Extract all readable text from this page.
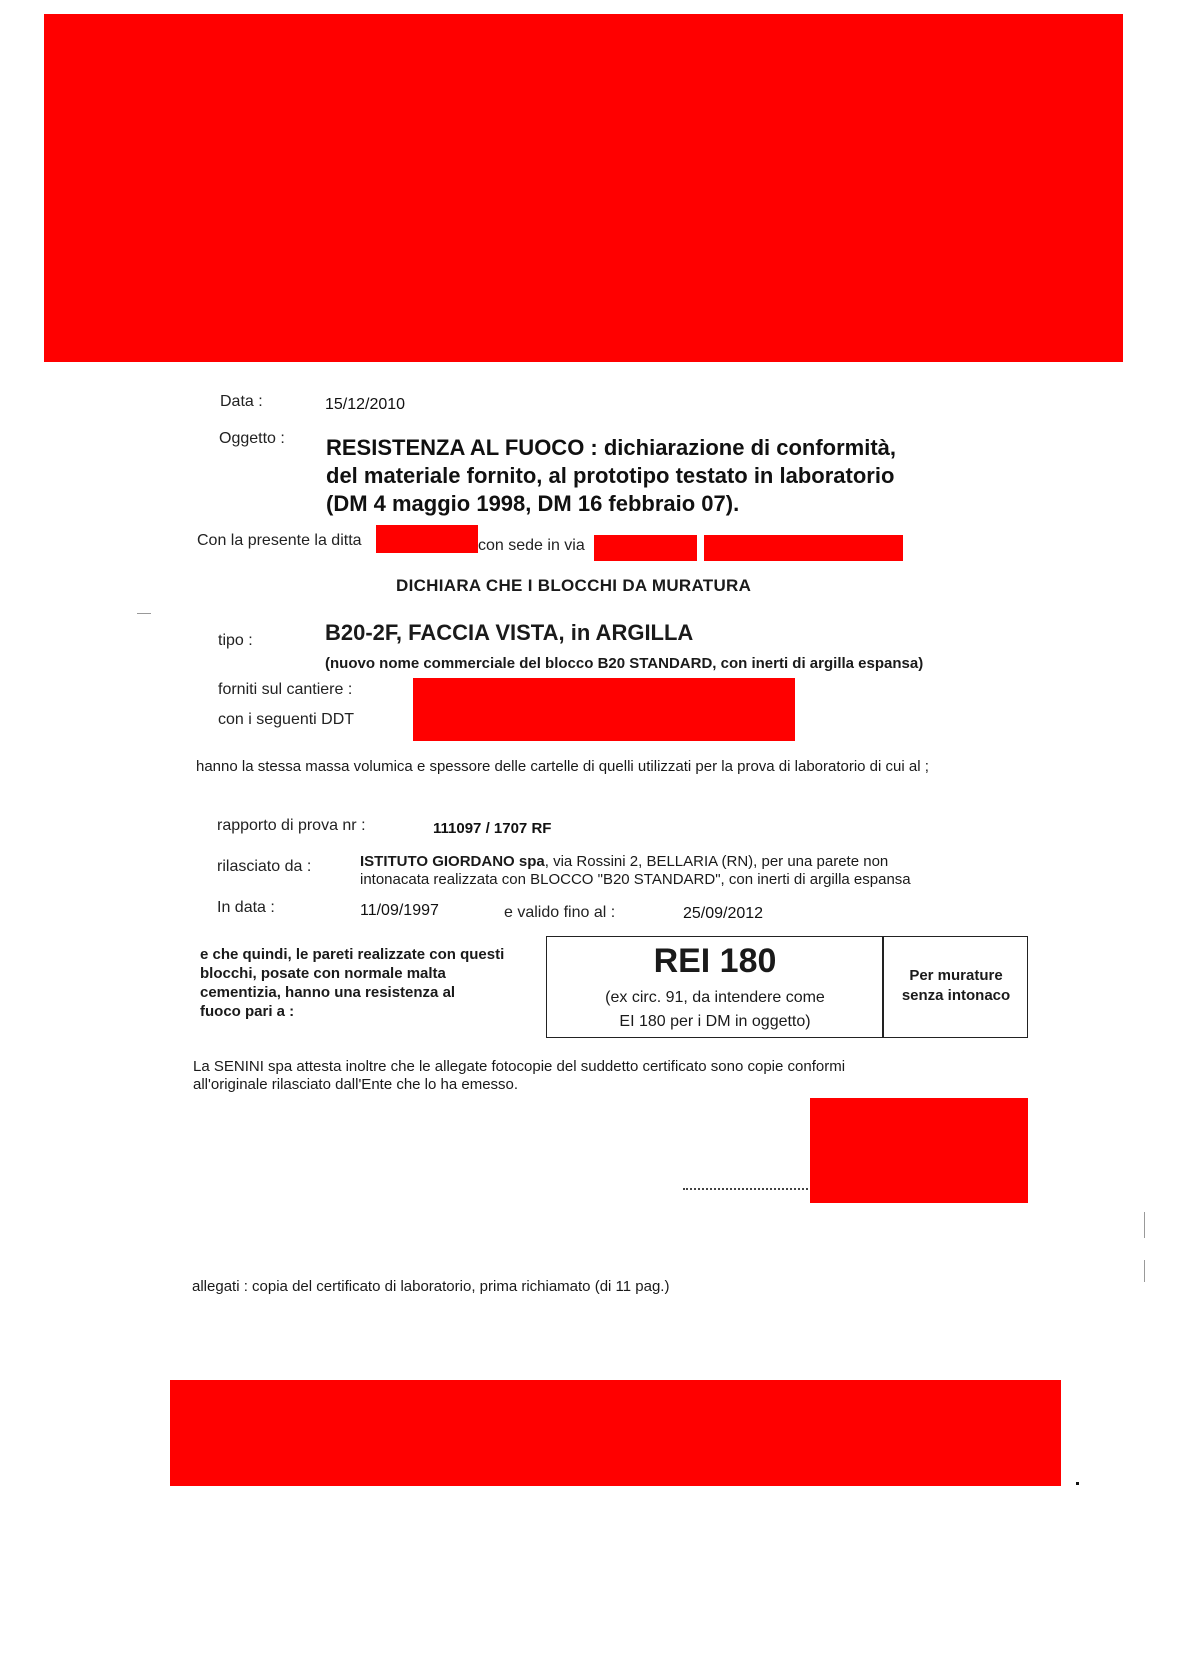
Data :	15/12/2010
Oggetto : RESISTENZA AL FUOCO : dichiarazione di conformità,
del materiale fornito, al prototipo testato in laboratorio
(DM 4 maggio 1998, DM 16 febbraio 07).
Con la presente la ditta	con sede in via
DICHIARA CHE I BLOCCHI DA MURATURA
tipo :	B20-2F, FACCIA VISTA, in ARGILLA
(nuovo nome commerciale del blocco B20 STANDARD, con inerti di argilla espansa)
forniti sul cantiere :
con i seguenti DDT
hanno la stessa massa volumica e spessore delle cartelle di quelli utilizzati per la prova di laboratorio di cui al ;
rapporto di prova nr :	111097 / 1707 RF
rilasciato da :	ISTITUTO GIORDANO spa, via Rossini 2, BELLARIA (RN), per una parete non
intonacata realizzata con BLOCCO "B20 STANDARD", con inerti di argilla espansa
In data :	11/09/1997	e valido fino al :	25/09/2012
e che quindi, le pareti realizzate con questi
blocchi, posate con normale malta
cementizia, hanno una resistenza al
fuoco pari a :
REI 180
(ex circ. 91, da intendere come
EI 180 per i DM in oggetto)
Per murature
senza intonaco
La SENINI spa attesta inoltre che le allegate fotocopie del suddetto certificato sono copie conformi
all'originale rilasciato dall'Ente che lo ha emesso.
allegati : copia del certificato di laboratorio, prima richiamato (di 11 pag.)
